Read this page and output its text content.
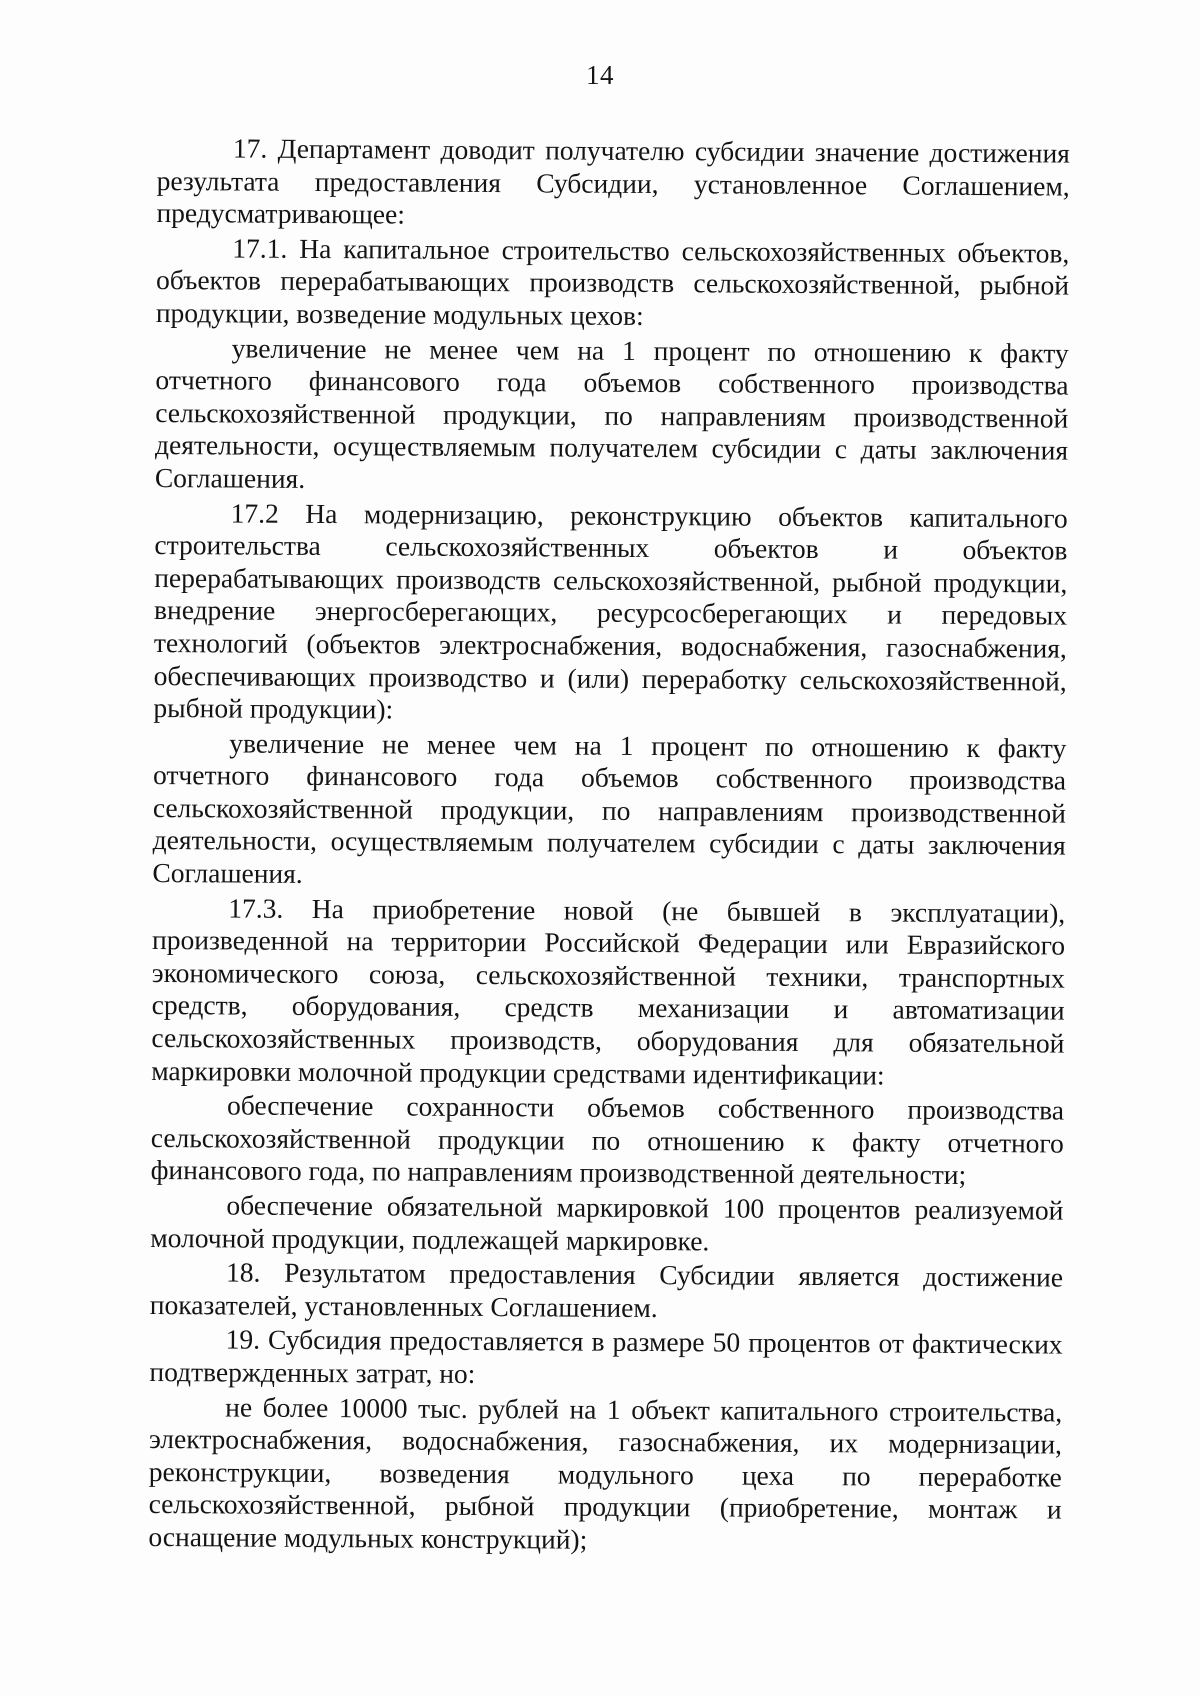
14

17. Департамент доводит получателю субсидии значение достижения результата предоставления Субсидии, установленное Соглашением, предусматривающее:

17.1. На капитальное строительство сельскохозяйственных объектов, объектов перерабатывающих производств сельскохозяйственной, рыбной продукции, возведение модульных цехов:

увеличение не менее чем на 1 процент по отношению к факту отчетного финансового года объемов собственного производства сельскохозяйственной продукции, по направлениям производственной деятельности, осуществляемым получателем субсидии с даты заключения Соглашения.

17.2 На модернизацию, реконструкцию объектов капитального строительства сельскохозяйственных объектов и объектов перерабатывающих производств сельскохозяйственной, рыбной продукции, внедрение энергосберегающих, ресурсосберегающих и передовых технологий (объектов электроснабжения, водоснабжения, газоснабжения, обеспечивающих производство и (или) переработку сельскохозяйственной, рыбной продукции):

увеличение не менее чем на 1 процент по отношению к факту отчетного финансового года объемов собственного производства сельскохозяйственной продукции, по направлениям производственной деятельности, осуществляемым получателем субсидии с даты заключения Соглашения.

17.3. На приобретение новой (не бывшей в эксплуатации), произведенной на территории Российской Федерации или Евразийского экономического союза, сельскохозяйственной техники, транспортных средств, оборудования, средств механизации и автоматизации сельскохозяйственных производств, оборудования для обязательной маркировки молочной продукции средствами идентификации:

обеспечение сохранности объемов собственного производства сельскохозяйственной продукции по отношению к факту отчетного финансового года, по направлениям производственной деятельности;

обеспечение обязательной маркировкой 100 процентов реализуемой молочной продукции, подлежащей маркировке.

18. Результатом предоставления Субсидии является достижение показателей, установленных Соглашением.

19. Субсидия предоставляется в размере 50 процентов от фактических подтвержденных затрат, но:

не более 10000 тыс. рублей на 1 объект капитального строительства, электроснабжения, водоснабжения, газоснабжения, их модернизации, реконструкции, возведения модульного цеха по переработке сельскохозяйственной, рыбной продукции (приобретение, монтаж и оснащение модульных конструкций);
